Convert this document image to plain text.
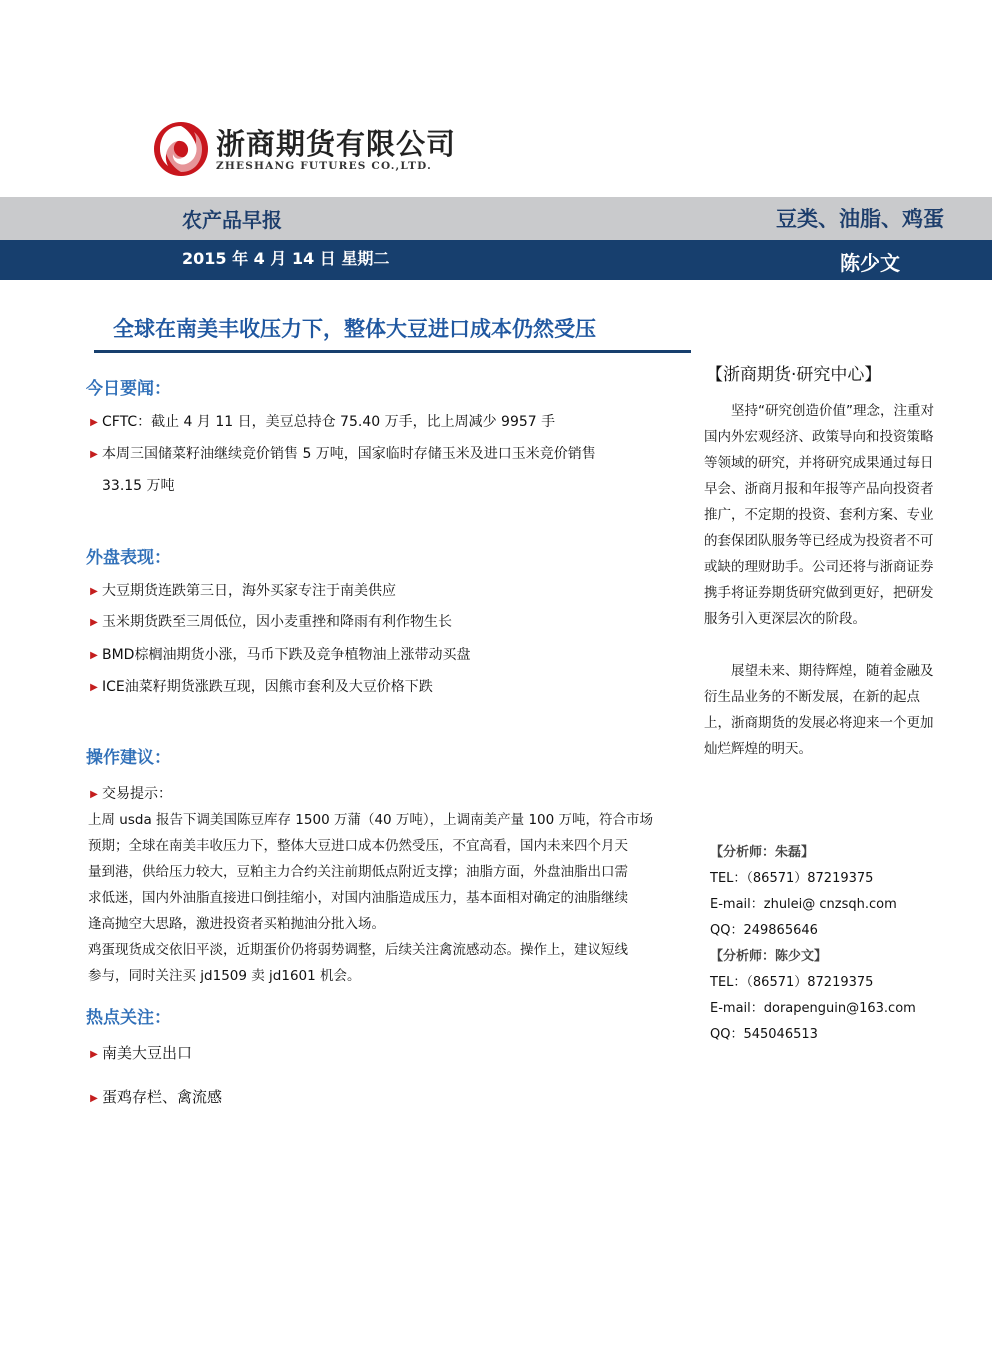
浙商期货有限公司
ZHESHANG FUTURES CO.,LTD.
农产品早报	豆类、油脂、鸡蛋
2015 年 4 月 14 日 星期二	陈少文
全球在南美丰收压力下，整体大豆进口成本仍然受压
今日要闻：
▶ CFTC：截止 4 月 11 日，美豆总持仓 75.40 万手，比上周减少 9957 手
▶ 本周三国储菜籽油继续竞价销售 5 万吨，国家临时存储玉米及进口玉米竞价销售
33.15 万吨
外盘表现：
▶ 大豆期货连跌第三日，海外买家专注于南美供应
▶ 玉米期货跌至三周低位，因小麦重挫和降雨有利作物生长
▶ BMD棕榈油期货小涨，马币下跌及竞争植物油上涨带动买盘
▶ ICE油菜籽期货涨跌互现，因熊市套利及大豆价格下跌
操作建议：
▶ 交易提示：
上周 usda 报告下调美国陈豆库存 1500 万蒲（40 万吨），上调南美产量 100 万吨，符合市场
预期；全球在南美丰收压力下，整体大豆进口成本仍然受压，不宜高看，国内未来四个月天
量到港，供给压力较大，豆粕主力合约关注前期低点附近支撑；油脂方面，外盘油脂出口需
求低迷，国内外油脂直接进口倒挂缩小，对国内油脂造成压力，基本面相对确定的油脂继续
逢高抛空大思路，激进投资者买粕抛油分批入场。
鸡蛋现货成交依旧平淡，近期蛋价仍将弱势调整，后续关注禽流感动态。操作上，建议短线
参与，同时关注买 jd1509 卖 jd1601 机会。
热点关注：
▶ 南美大豆出口
▶ 蛋鸡存栏、禽流感
【浙商期货·研究中心】
坚持“研究创造价值”理念，注重对国内外宏观经济、政策导向和投资策略等领域的研究，并将研究成果通过每日早会、浙商月报和年报等产品向投资者推广，不定期的投资、套利方案、专业的套保团队服务等已经成为投资者不可或缺的理财助手。公司还将与浙商证券携手将证券期货研究做到更好，把研发服务引入更深层次的阶段。
展望未来、期待辉煌，随着金融及衍生品业务的不断发展，在新的起点上，浙商期货的发展必将迎来一个更加灿烂辉煌的明天。
【分析师：朱磊】
TEL：（86571）87219375
E-mail：zhulei@ cnzsqh.com
QQ：249865646
【分析师：陈少文】
TEL：（86571）87219375
E-mail：dorapenguin@163.com
QQ：545046513
